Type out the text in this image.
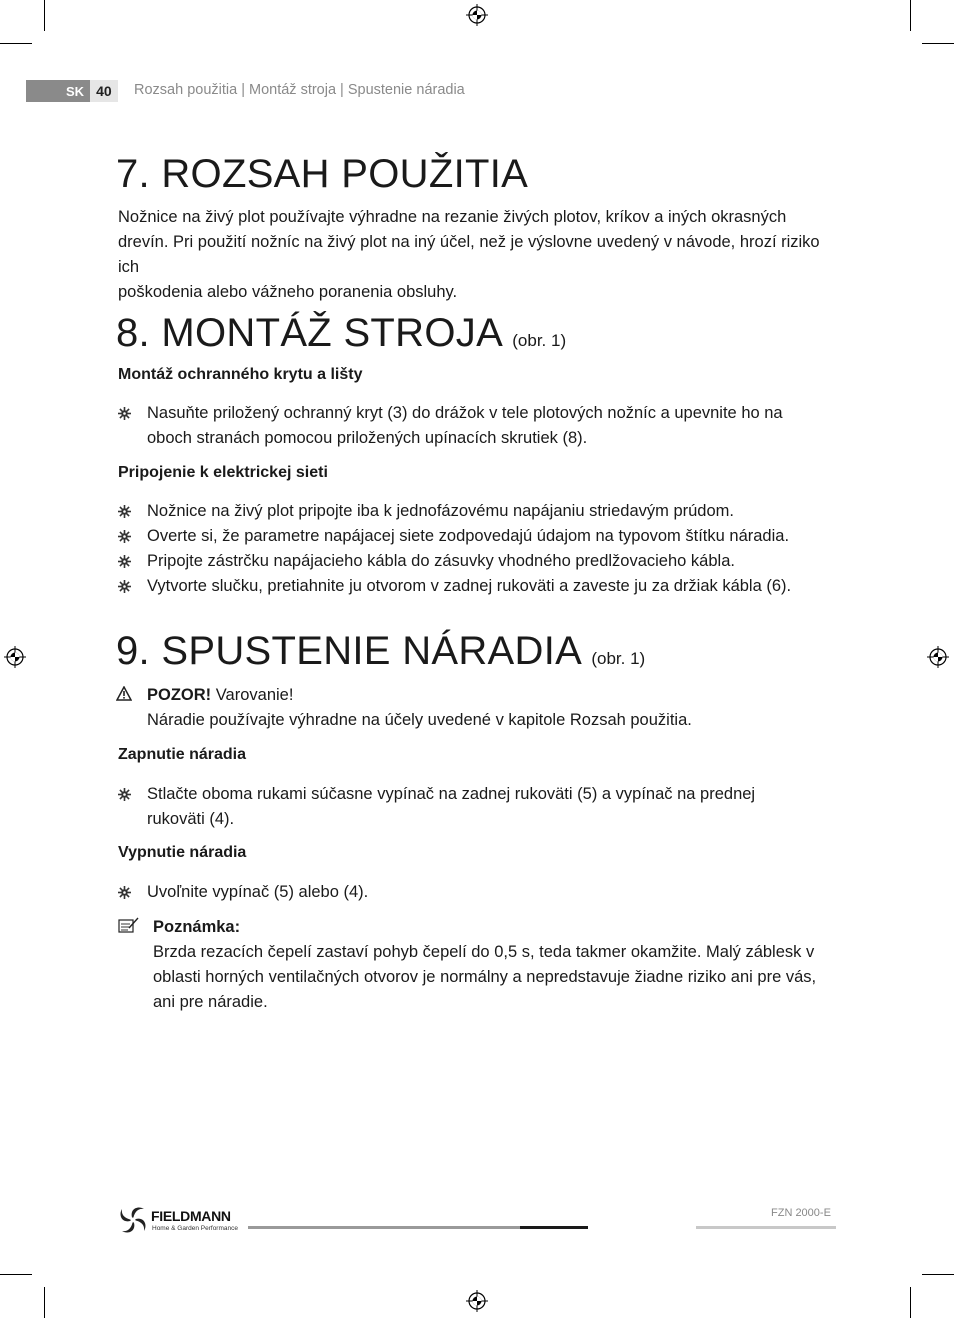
SK 40	Rozsah použitia | Montáž stroja | Spustenie náradia
7. ROZSAH POUŽITIA
Nožnice na živý plot používajte výhradne na rezanie živých plotov, kríkov a iných okrasných
drevín. Pri použití nožníc na živý plot na iný účel, než je výslovne uvedený v návode, hrozí riziko ich
poškodenia alebo vážneho poranenia obsluhy.
8. MONTÁŽ STROJA (obr. 1)
Montáž ochranného krytu a lišty
Nasuňte priložený ochranný kryt (3) do drážok v tele plotových nožníc a upevnite ho na
oboch stranách pomocou priložených upínacích skrutiek (8).
Pripojenie k elektrickej sieti
Nožnice na živý plot pripojte iba k jednofázovému napájaniu striedavým prúdom.
Overte si, že parametre napájacej siete zodpovedajú údajom na typovom štítku náradia.
Pripojte zástrčku napájacieho kábla do zásuvky vhodného predlžovacieho kábla.
Vytvorte slučku, pretiahnite ju otvorom v zadnej rukoväti a zaveste ju za držiak kábla (6).
9. SPUSTENIE NÁRADIA (obr. 1)
POZOR! Varovanie!
Náradie používajte výhradne na účely uvedené v kapitole Rozsah použitia.
Zapnutie náradia
Stlačte oboma rukami súčasne vypínač na zadnej rukoväti (5) a vypínač na prednej
rukoväti (4).
Vypnutie náradia
Uvoľnite vypínač (5) alebo (4).
Poznámka:
Brzda rezacích čepelí zastaví pohyb čepelí do 0,5 s, teda takmer okamžite. Malý záblesk v
oblasti horných ventilačných otvorov je normálny a nepredstavuje žiadne riziko ani pre vás,
ani pre náradie.
FIELDMANN
Home & Garden Performance
FZN 2000-E
